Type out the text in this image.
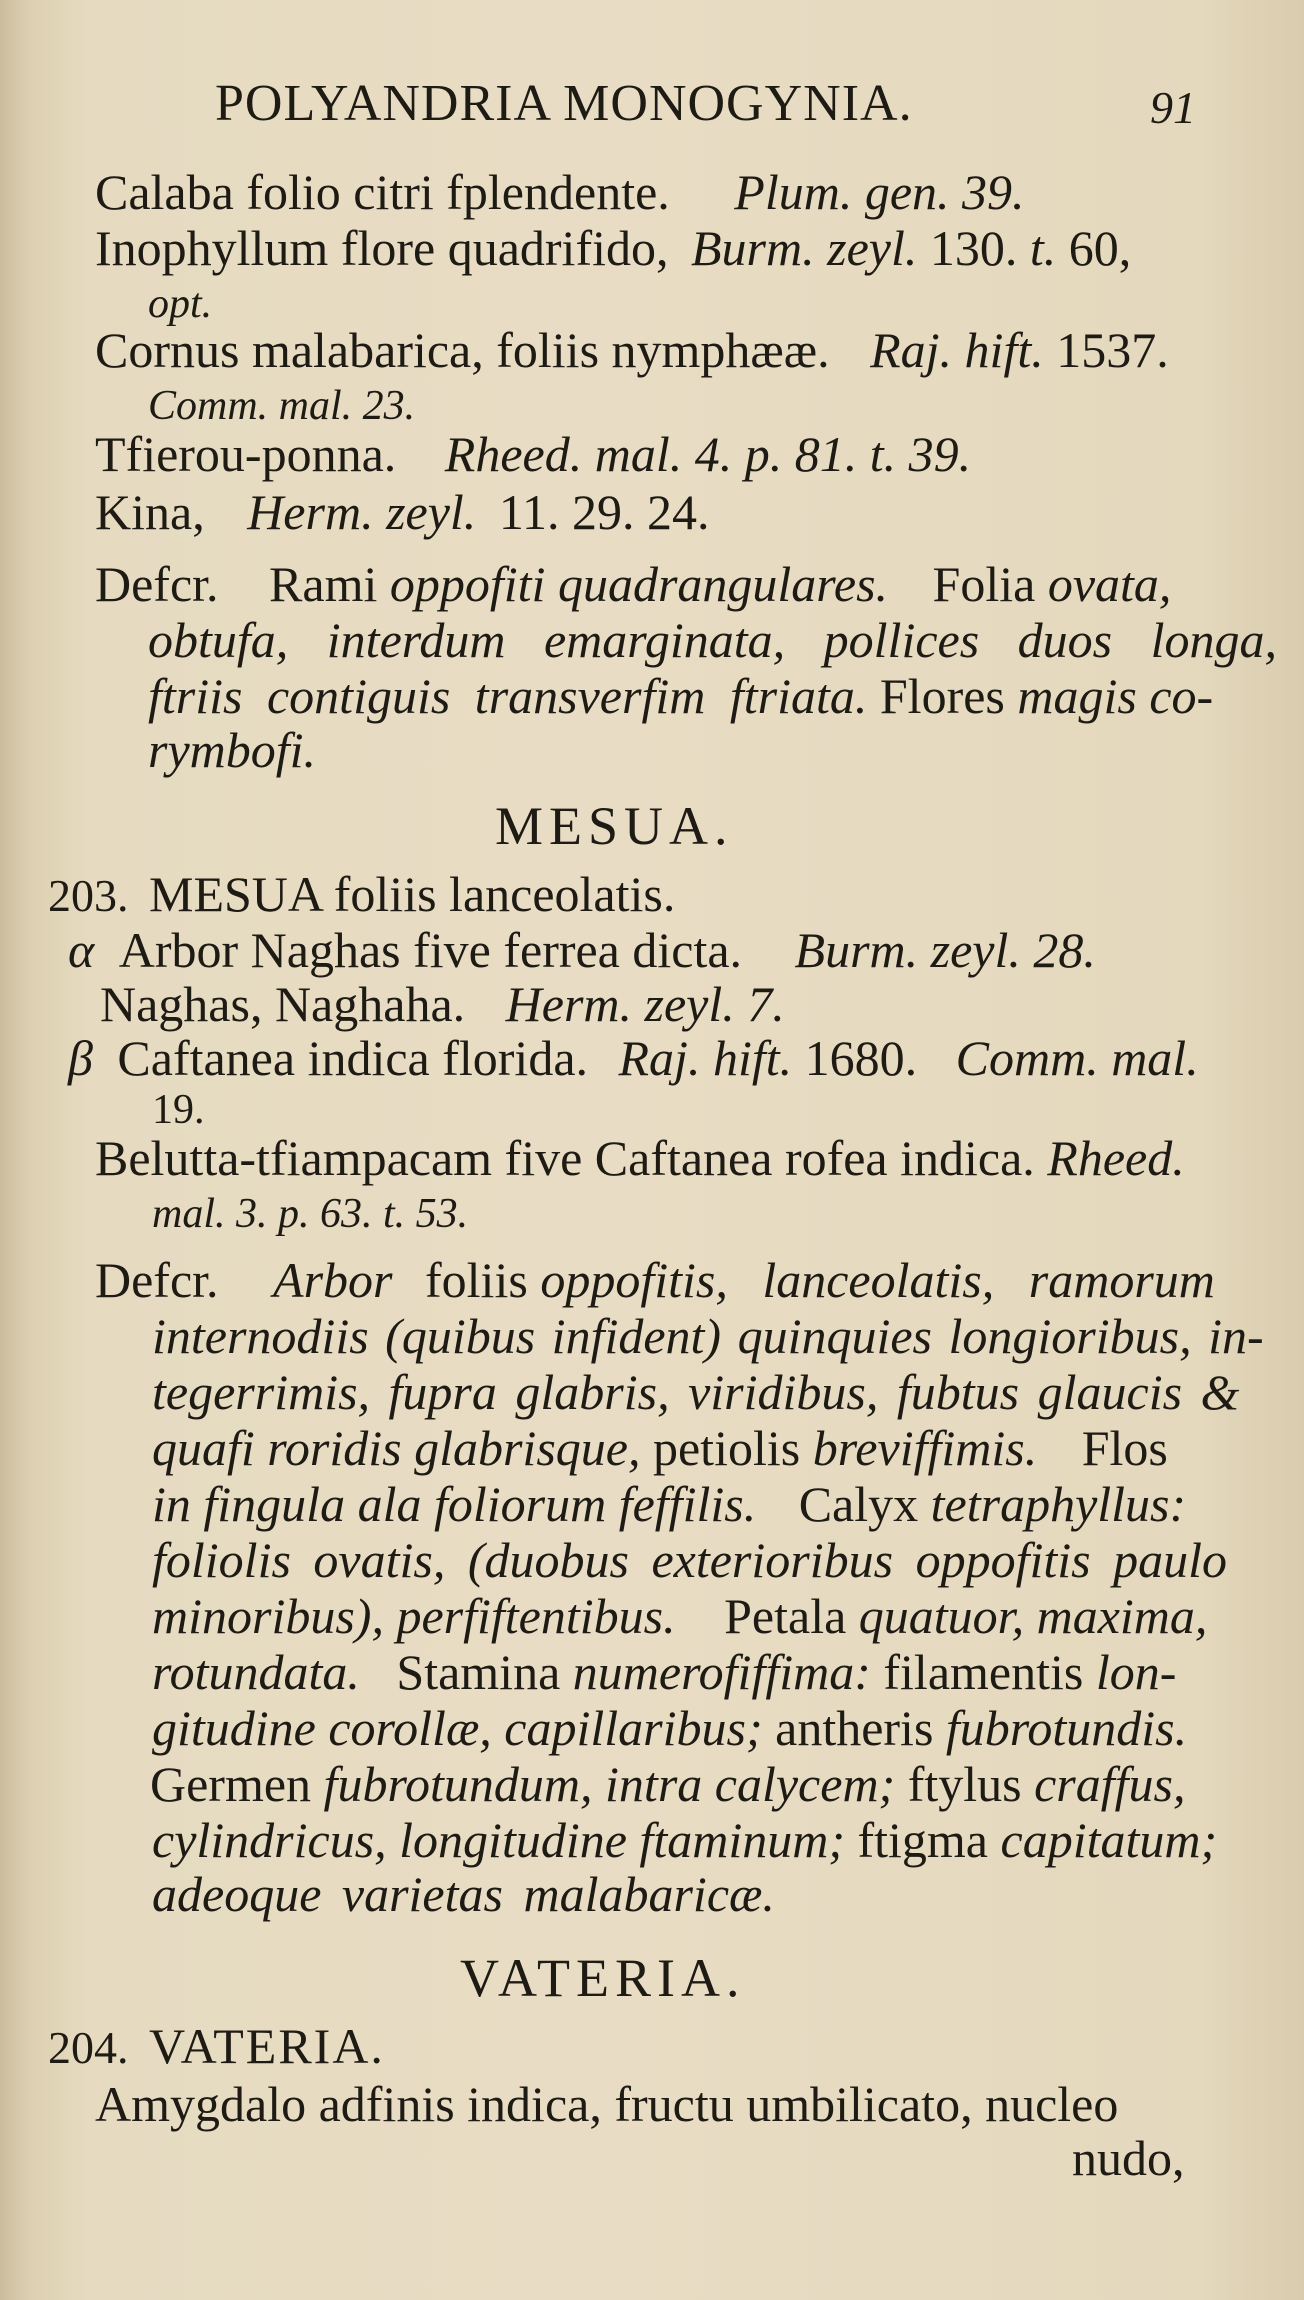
POLYANDRIA MONOGYNIA.	91
Calaba folio citri fplendente. Plum. gen. 39.
Inophyllum flore quadrifido, Burm. zeyl. 130. t. 60,
opt.
Cornus malabarica, foliis nymphææ. Raj. hift. 1537.
Comm. mal. 23.
Tfierou-ponna. Rheed. mal. 4. p. 81. t. 39.
Kina, Herm. zeyl. 11. 29. 24.
Defcr. Rami oppofiti quadrangulares. Folia ovata,
obtufa, interdum emarginata, pollices duos longa,
ftriis contiguis transverfim ftriata. Flores magis co-
rymbofi.
MESUA.
203. MESUA foliis lanceolatis.
α Arbor Naghas five ferrea dicta. Burm. zeyl. 28.
Naghas, Naghaha. Herm. zeyl. 7.
β Caftanea indica florida. Raj. hift. 1680. Comm. mal.
19.
Belutta-tfiampacam five Caftanea rofea indica. Rheed.
mal. 3. p. 63. t. 53.
Defcr. Arbor foliis oppofitis, lanceolatis, ramorum
internodiis (quibus infident) quinquies longioribus, in-
tegerrimis, fupra glabris, viridibus, fubtus glaucis &
quafi roridis glabrisque, petiolis breviffimis. Flos
in fingula ala foliorum feffilis. Calyx tetraphyllus:
foliolis ovatis, (duobus exterioribus oppofitis paulo
minoribus), perfiftentibus. Petala quatuor, maxima,
rotundata. Stamina numerofiffima: filamentis lon-
gitudine corollæ, capillaribus; antheris fubrotundis.
Germen fubrotundum, intra calycem; ftylus craffus,
cylindricus, longitudine ftaminum; ftigma capitatum;
adeoque varietas malabaricæ.
VATERIA.
204. VATERIA.
Amygdalo adfinis indica, fructu umbilicato, nucleo
nudo,
